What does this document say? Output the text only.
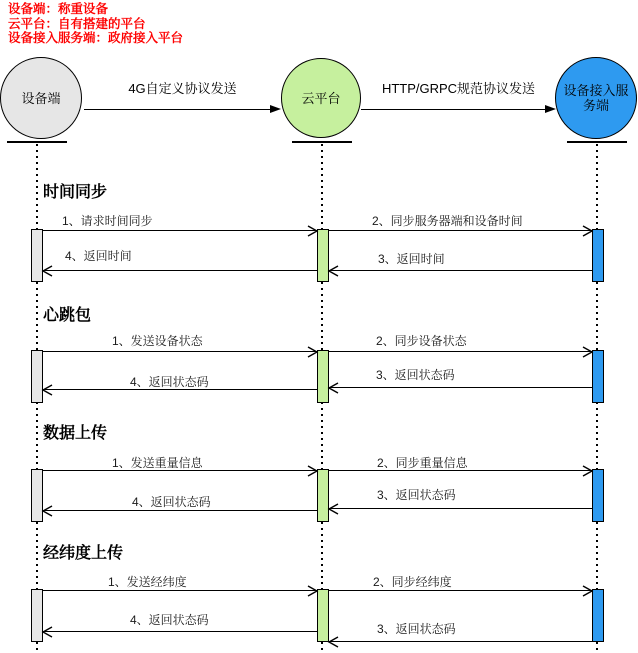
设备端：称重设备
云平台：自有搭建的平台
设备接入服务端：政府接入平台
设备端	云平台	设备接入服务端
4G自定义协议发送	HTTP/GRPC规范协议发送
时间同步
1、请求时间同步	2、同步服务器端和设备时间
3、返回时间
4、返回时间
心跳包
1、发送设备状态	2、同步设备状态
3、返回状态码
4、返回状态码
数据上传
1、发送重量信息	2、同步重量信息
3、返回状态码
4、返回状态码
经纬度上传
1、发送经纬度	2、同步经纬度
3、返回状态码
4、返回状态码
